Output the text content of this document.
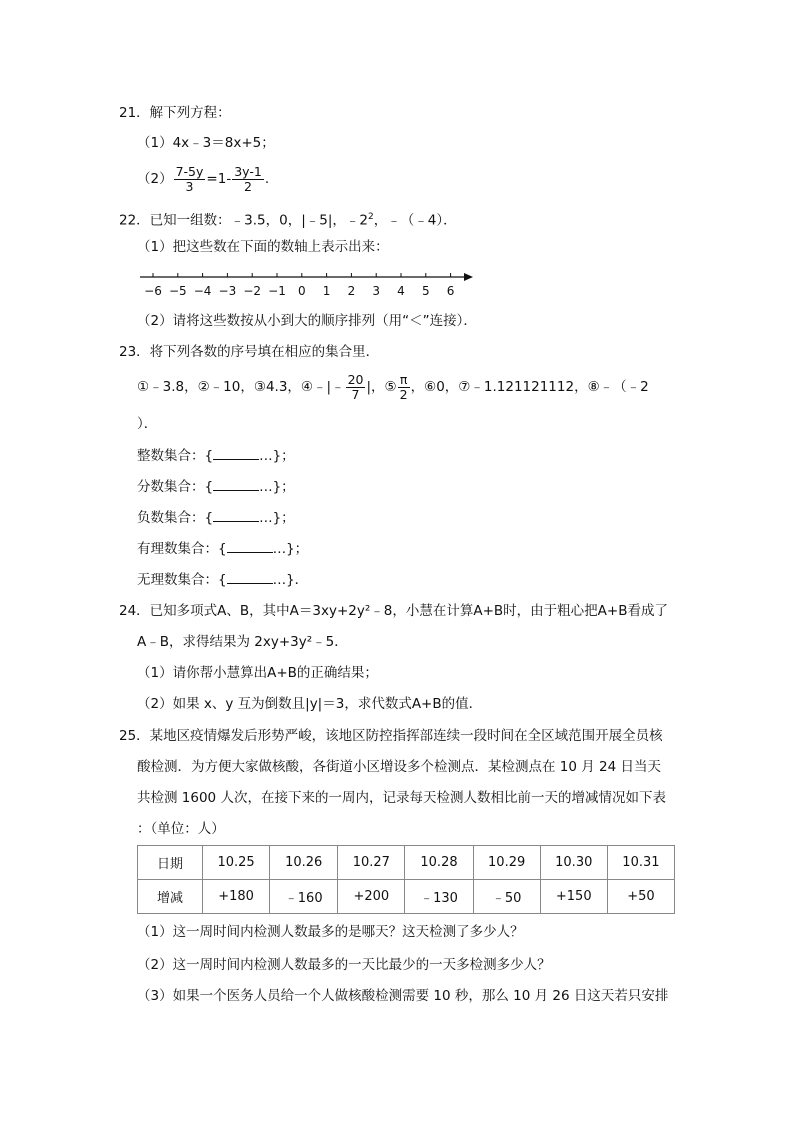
21．解下列方程：
（1）4x﹣3＝8x+5；
$(2) \frac{7-5y}{3} =1- \frac{3y-1}{2}$ .
22．已知一组数：﹣3.5，0，|﹣5|，$﹣2^2$，﹣（﹣4）．
（1）把这些数在下面的数轴上表示出来：
−6 −5 −4 −3 −2 −1 0 1 2 3 4 5 6
（2）请将这些数按从小到大的顺序排列（用“＜”连接）．
23．将下列各数的序号填在相应的集合里．
①﹣3.8，②﹣10，③4.3，④﹣|﹣ $\frac{20}{7}$ |，⑤ $\frac{\pi}{2}$ ，⑥0，⑦﹣1.121121112，⑧﹣（﹣2
）．
整数集合：{	…}；
分数集合：{	…}；
负数集合：{	…}；
有理数集合：{	…}；
无理数集合：{	…}．
24．已知多项式A、B，其中A＝3xy+2y²﹣8，小慧在计算A+B时，由于粗心把A+B看成了
A﹣B，求得结果为 2xy+3y²﹣5．
（1）请你帮小慧算出A+B的正确结果；
（2）如果 x、y 互为倒数且|y|＝3，求代数式A+B的值．
25．某地区疫情爆发后形势严峻，该地区防控指挥部连续一段时间在全区域范围开展全员核
酸检测．为方便大家做核酸，各街道小区增设多个检测点．某检测点在 10 月 24 日当天
共检测 1600 人次，在接下来的一周内，记录每天检测人数相比前一天的增减情况如下表
：（单位：人）
日期	10.25	10.26	10.27	10.28	10.29	10.30	10.31
增减	+180	﹣160	+200	﹣130	﹣50	+150	+50
（1）这一周时间内检测人数最多的是哪天？这天检测了多少人？
（2）这一周时间内检测人数最多的一天比最少的一天多检测多少人？
（3）如果一个医务人员给一个人做核酸检测需要 10 秒，那么 10 月 26 日这天若只安排
